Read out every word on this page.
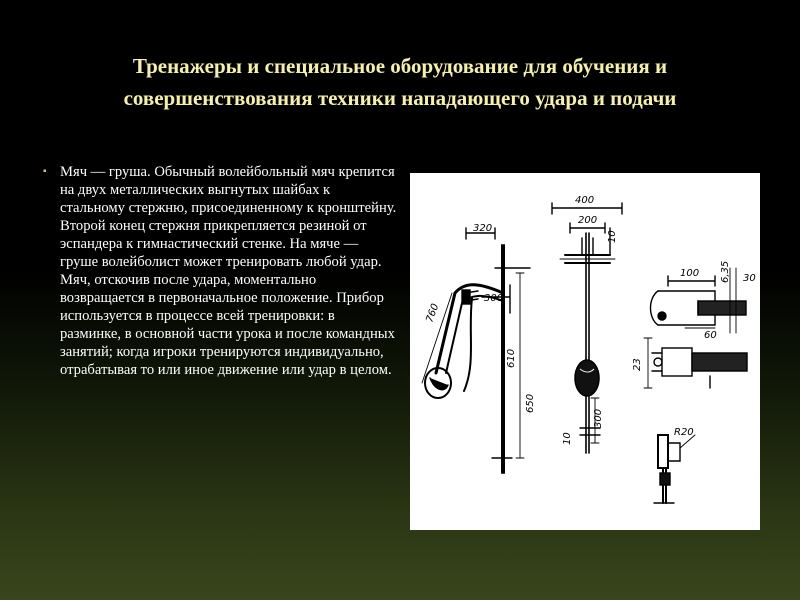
Тренажеры и специальное оборудование для обучения и
совершенствования техники нападающего удара и подачи
▪ Мяч — груша. Обычный волейбольный мяч крепится на двух металлических выгнутых шайбах к стальному стержню, присоединенному к кронштейну. Второй конец стержня прикрепляется резиной от эспандера к гимнастический стенке. На мяче — груше волейболист может тренировать любой удар. Мяч, отскочив после удара, моментально возвращается в первоначальное положение. Прибор используется в процессе всей тренировки: в разминке, в основной части урока и после командных занятий; когда игроки тренируются индивидуально, отрабатывая то или иное движение или удар в целом.
320
760
300
610
650
400
200
10
300
10
100 6,35 30
60
23
R20
